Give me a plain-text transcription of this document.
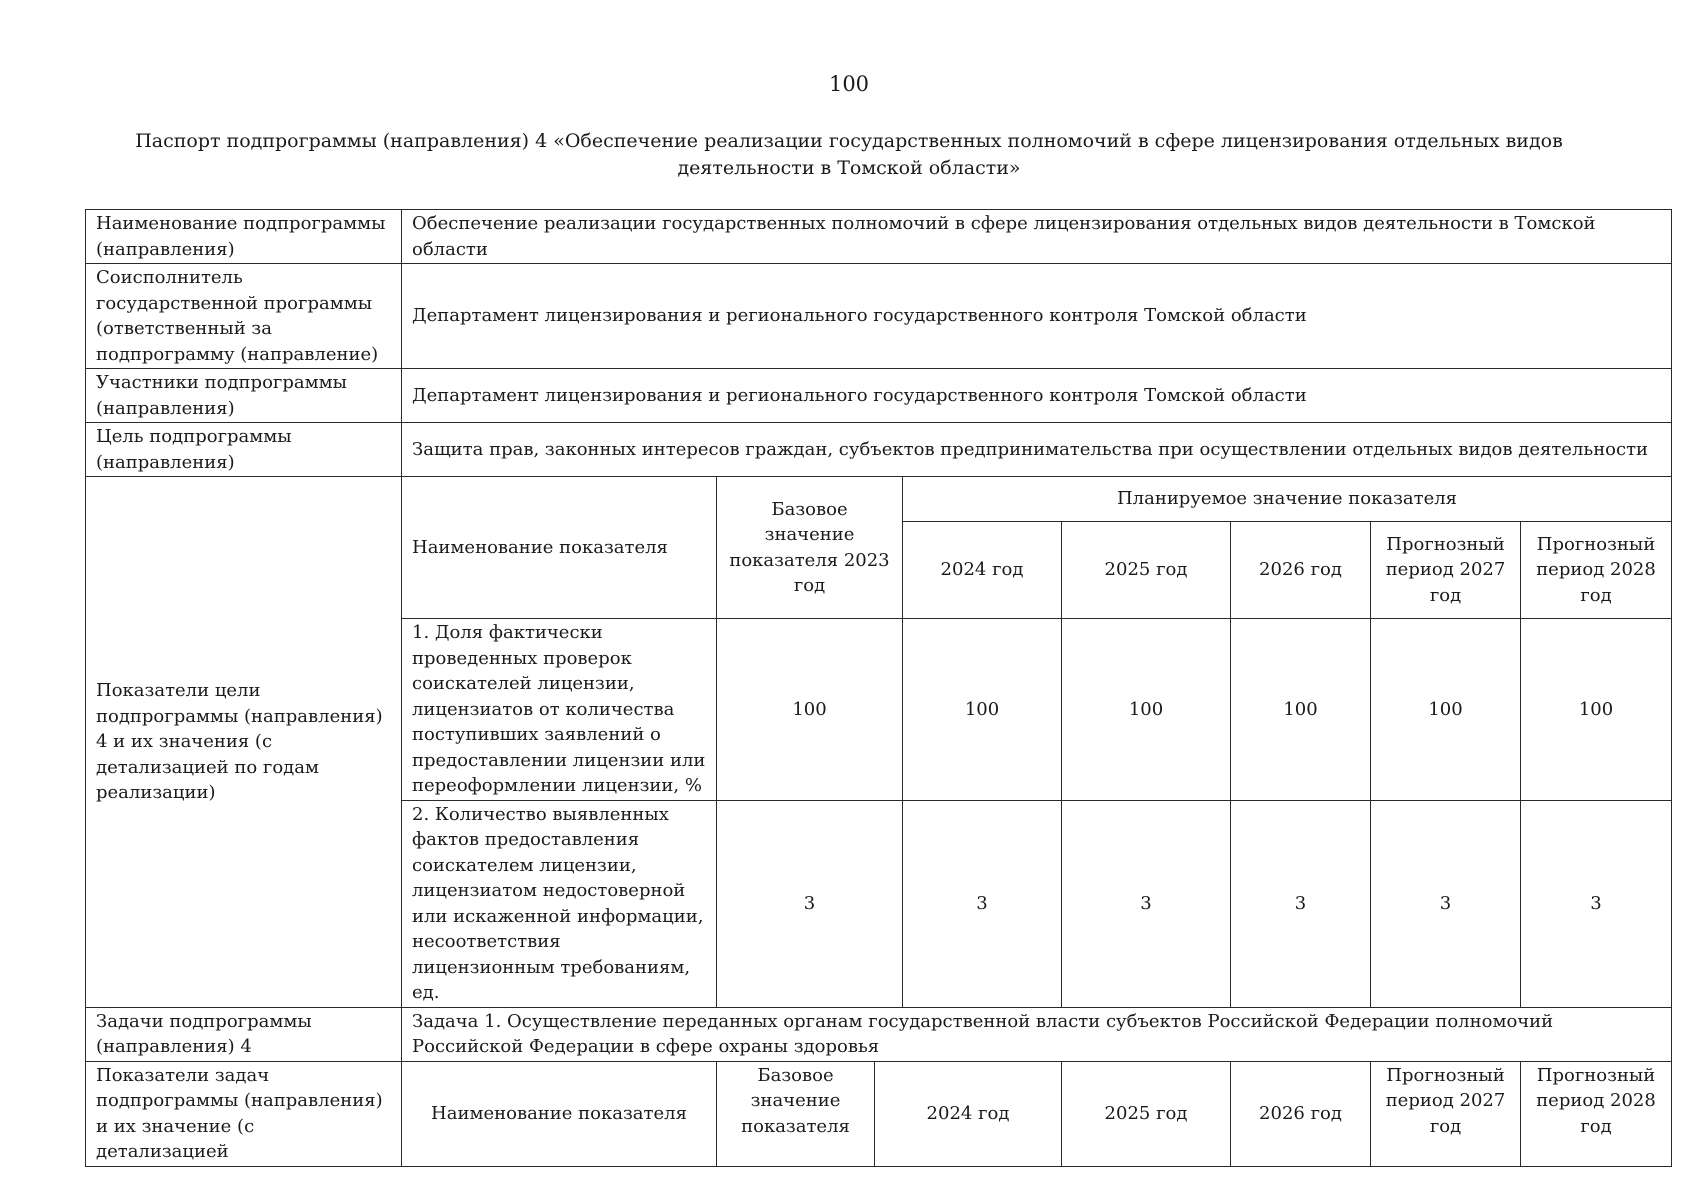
100
Паспорт подпрограммы (направления) 4 «Обеспечение реализации государственных полномочий в сфере лицензирования отдельных видов деятельности в Томской области»
Наименование подпрограммы (направления)	Обеспечение реализации государственных полномочий в сфере лицензирования отдельных видов деятельности в Томской области							
Соисполнитель государственной программы (ответственный за подпрограмму (направление)	Департамент лицензирования и регионального государственного контроля Томской области							
Участники подпрограммы (направления)	Департамент лицензирования и регионального государственного контроля Томской области							
Цель подпрограммы (направления)	Защита прав, законных интересов граждан, субъектов предпринимательства при осуществлении отдельных видов деятельности							
Показатели цели подпрограммы (направления) 4 и их значения (с детализацией по годам реализации)	Наименование показателя	Базовое значение показателя 2023 год		Планируемое значение показателя				
				2024 год	2025 год	2026 год	Прогнозный период 2027 год	Прогнозный период 2028 год
	1. Доля фактически проведенных проверок соискателей лицензии, лицензиатов от количества поступивших заявлений о предоставлении лицензии или переоформлении лицензии, %	100		100	100	100	100	100
	2. Количество выявленных фактов предоставления соискателем лицензии, лицензиатом недостоверной или искаженной информации, несоответствия лицензионным требованиям, ед.	3		3	3	3	3	3
Задачи подпрограммы (направления) 4	Задача 1. Осуществление переданных органам государственной власти субъектов Российской Федерации полномочий Российской Федерации в сфере охраны здоровья							
Показатели задач подпрограммы (направления) и их значение (с детализацией	Наименование показателя	Базовое значение показателя	2024 год		2025 год	2026 год	Прогнозный период 2027 год	Прогнозный период 2028 год
